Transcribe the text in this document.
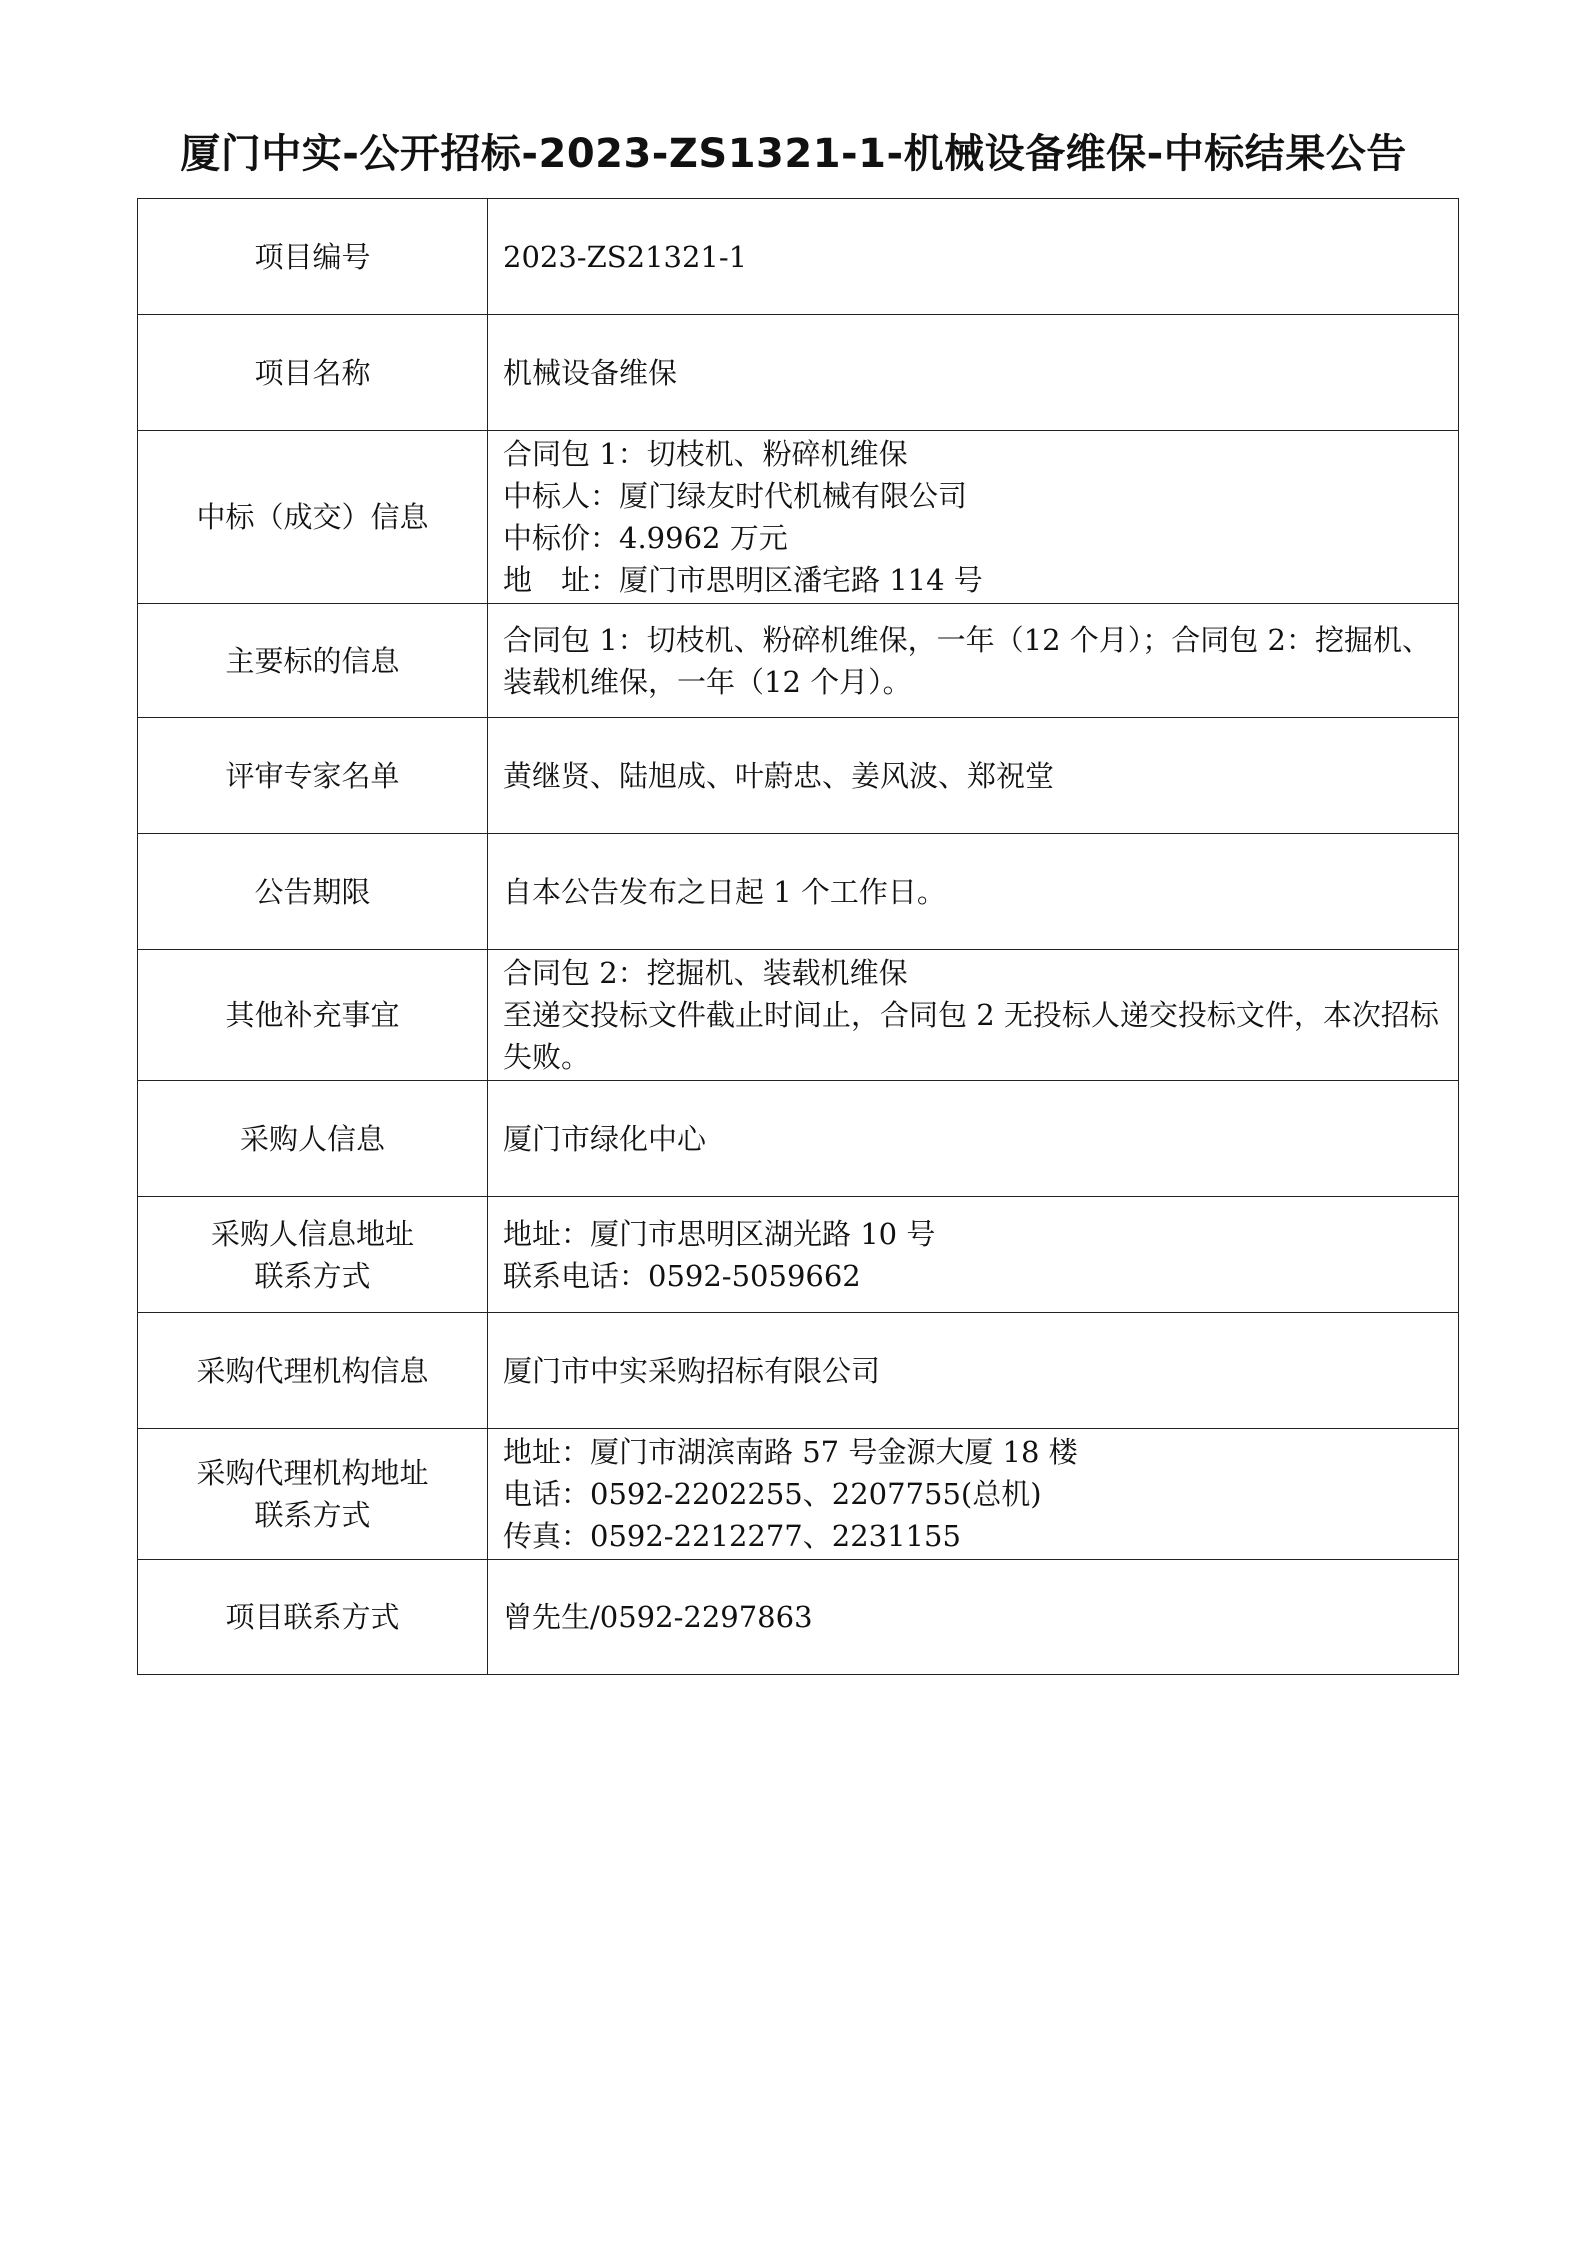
厦门中实-公开招标-2023-ZS1321-1-机械设备维保-中标结果公告
项目编号	2023-ZS21321-1

项目名称	机械设备维保

中标（成交）信息	合同包 1：切枝机、粉碎机维保
中标人：厦门绿友时代机械有限公司
中标价：4.9962 万元
地　址：厦门市思明区潘宅路 114 号

主要标的信息	合同包 1：切枝机、粉碎机维保，一年（12 个月）；合同包 2：挖掘机、装载机维保，一年（12 个月）。

评审专家名单	黄继贤、陆旭成、叶蔚忠、姜风波、郑祝堂

公告期限	自本公告发布之日起 1 个工作日。

其他补充事宜	合同包 2：挖掘机、装载机维保
至递交投标文件截止时间止，合同包 2 无投标人递交投标文件，本次招标失败。

采购人信息	厦门市绿化中心

采购人信息地址
联系方式	地址：厦门市思明区湖光路 10 号
联系电话：0592-5059662

采购代理机构信息	厦门市中实采购招标有限公司

采购代理机构地址
联系方式	地址：厦门市湖滨南路 57 号金源大厦 18 楼
电话：0592-2202255、2207755(总机)
传真：0592-2212277、2231155

项目联系方式	曾先生/0592-2297863
